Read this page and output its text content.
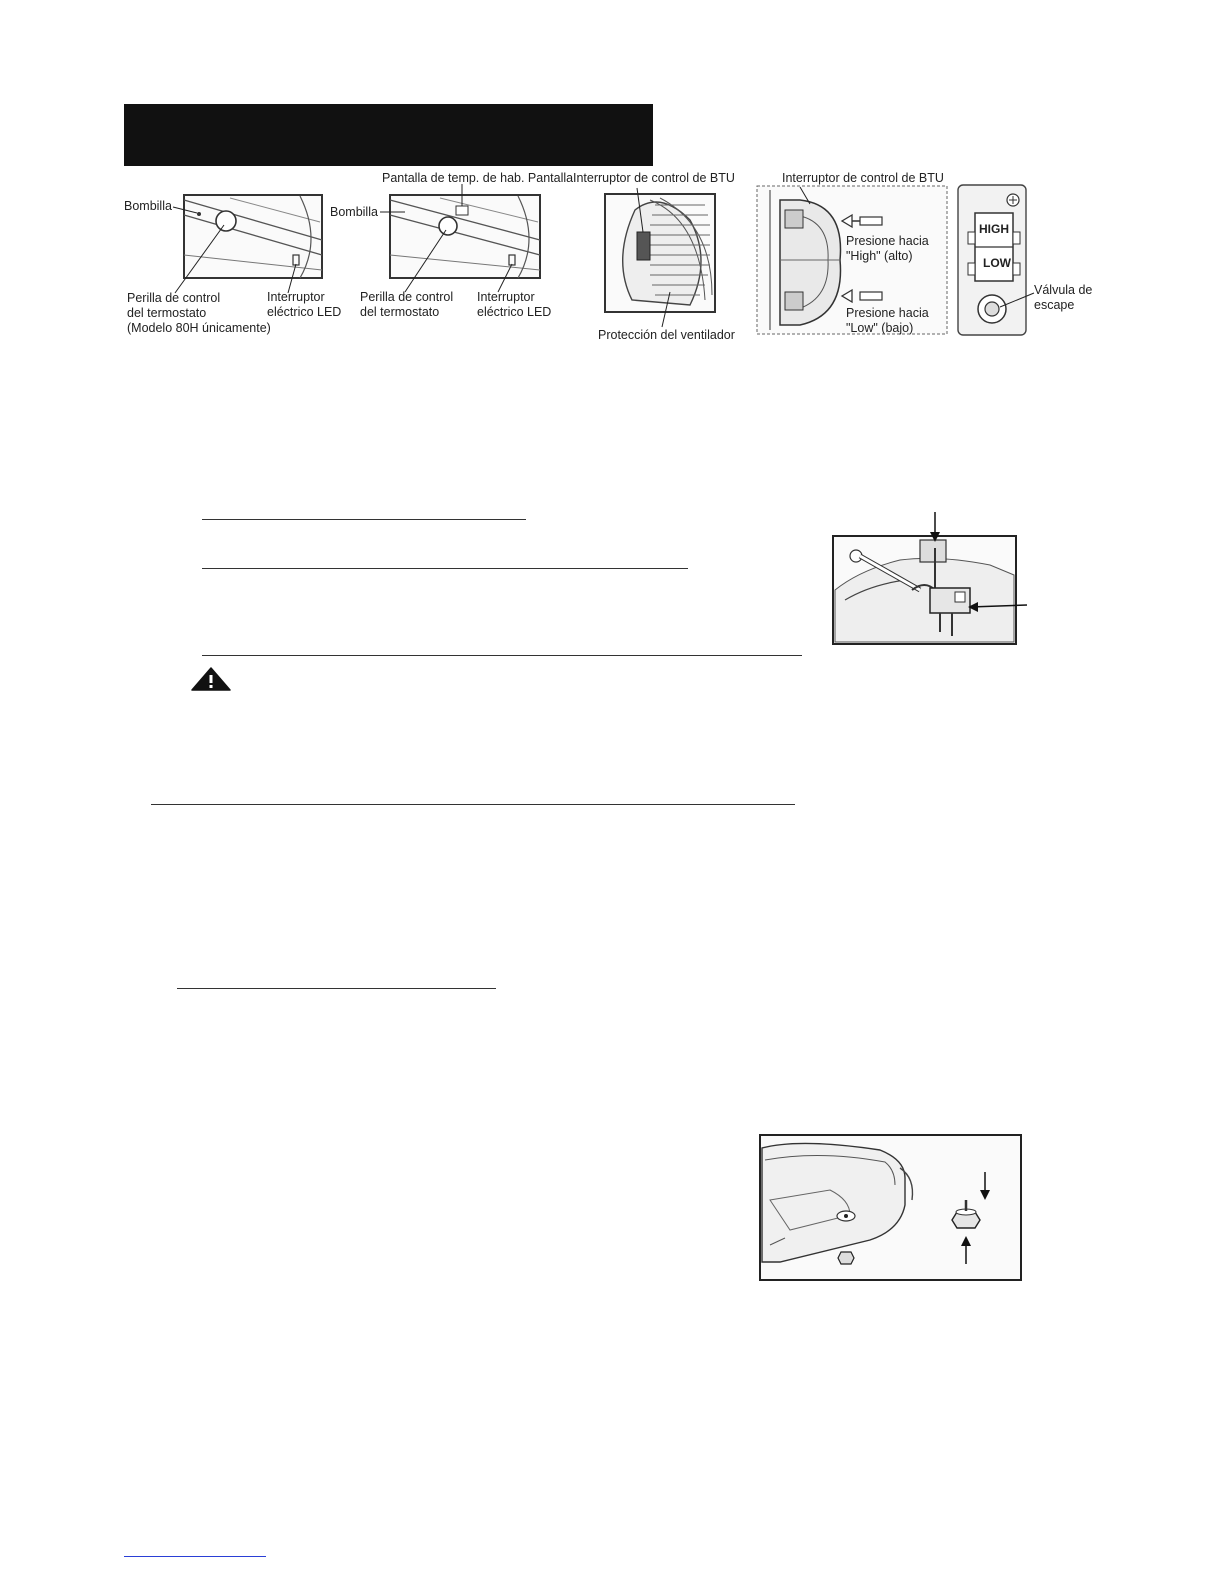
Bombilla
Perilla de control
del termostato
(Modelo 80H únicamente)
Interruptor
eléctrico LED
Pantalla de temp. de hab. Pantalla
Bombilla
Perilla de control
del termostato
Interruptor
eléctrico LED
Interruptor de control de BTU
Protección del ventilador
Interruptor de control de BTU
Presione hacia
"High" (alto)
Presione hacia
"Low" (bajo)
HIGH
LOW
Válvula de
escape
